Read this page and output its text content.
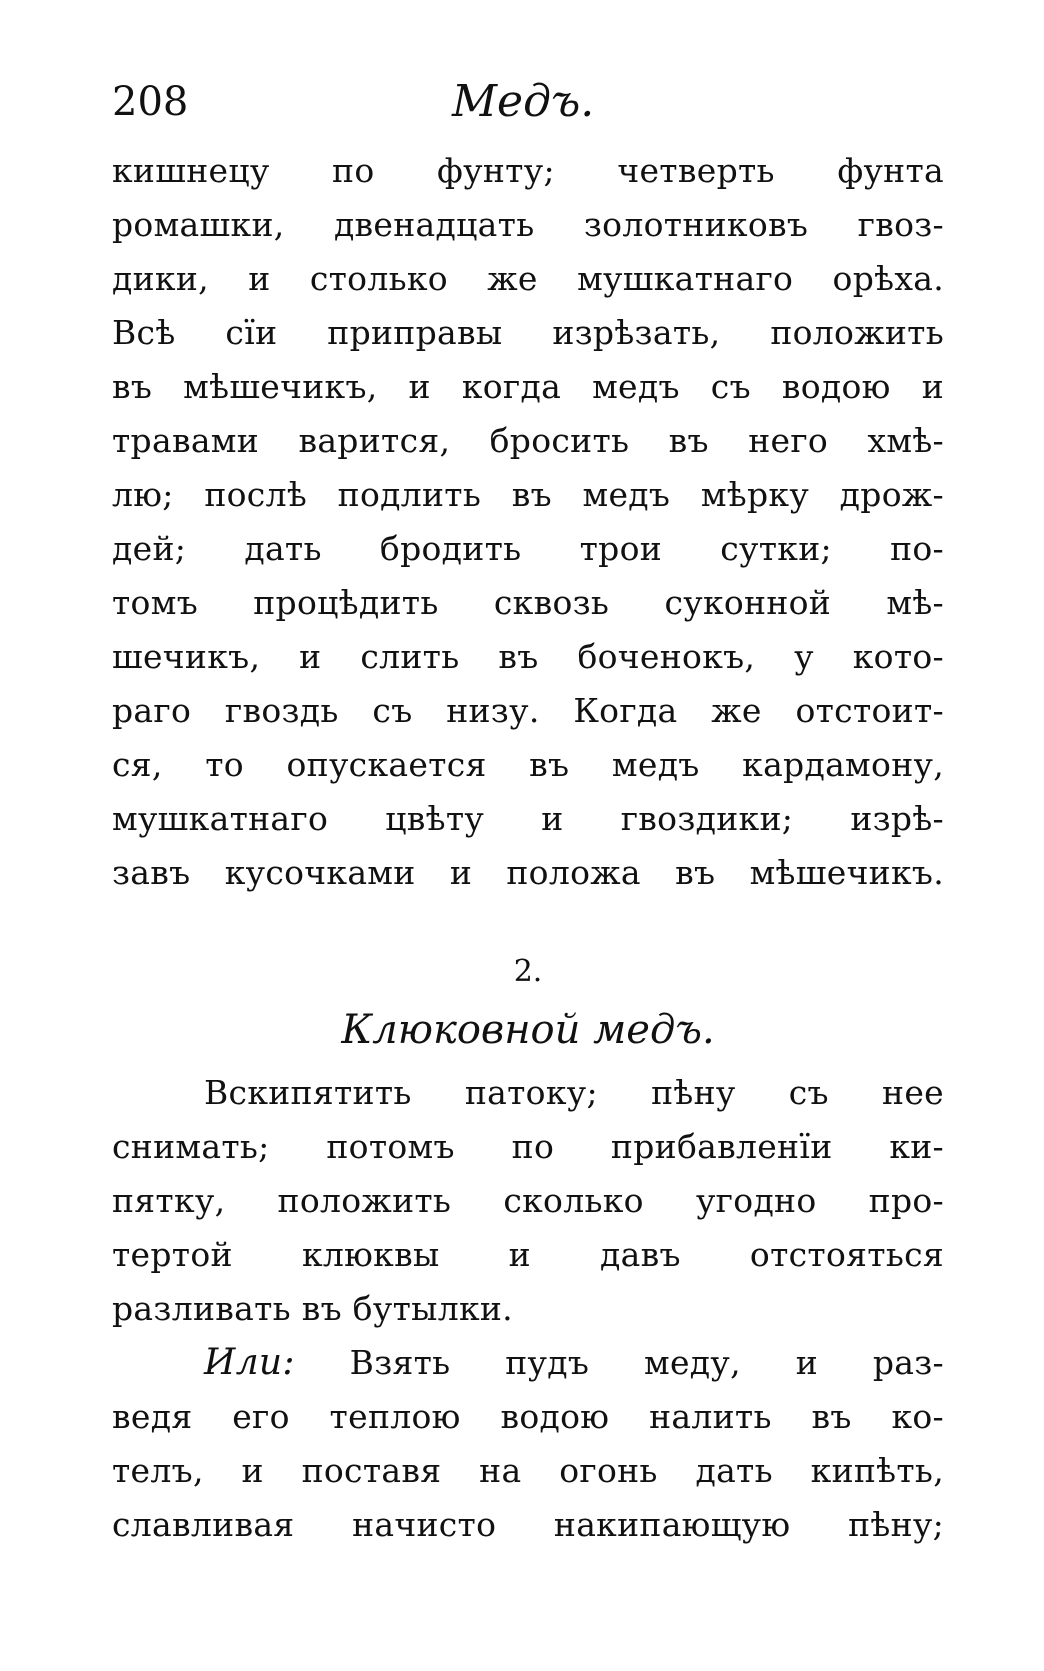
208	Медъ.
кишнецу по фунту; четверть фунта
ромашки, двенадцать золотниковъ гвоз-
дики, и столько же мушкатнаго орѣха.
Всѣ сїи приправы изрѣзать, положить
въ мѣшечикъ, и когда медъ съ водою и
травами варится, бросить въ него хмѣ-
лю; послѣ подлить въ медъ мѣрку дрож-
дей; дать бродить трои сутки; по-
томъ процѣдить сквозь суконной мѣ-
шечикъ, и слить въ боченокъ, у кото-
раго гвоздь съ низу. Когда же отстоит-
ся, то опускается въ медъ кардамону,
мушкатнаго цвѣту и гвоздики; изрѣ-
завъ кусочками и положа въ мѣшечикъ.
2.
Клюковной медъ.
Вскипятить патоку; пѣну съ нее
снимать; потомъ по прибавленїи ки-
пятку, положить сколько угодно про-
тертой клюквы и давъ отстояться
разливать въ бутылки.
Или: Взять пудъ меду, и раз-
ведя его теплою водою налить въ ко-
телъ, и поставя на огонь дать кипѣть,
славливая начисто накипающую пѣну;
